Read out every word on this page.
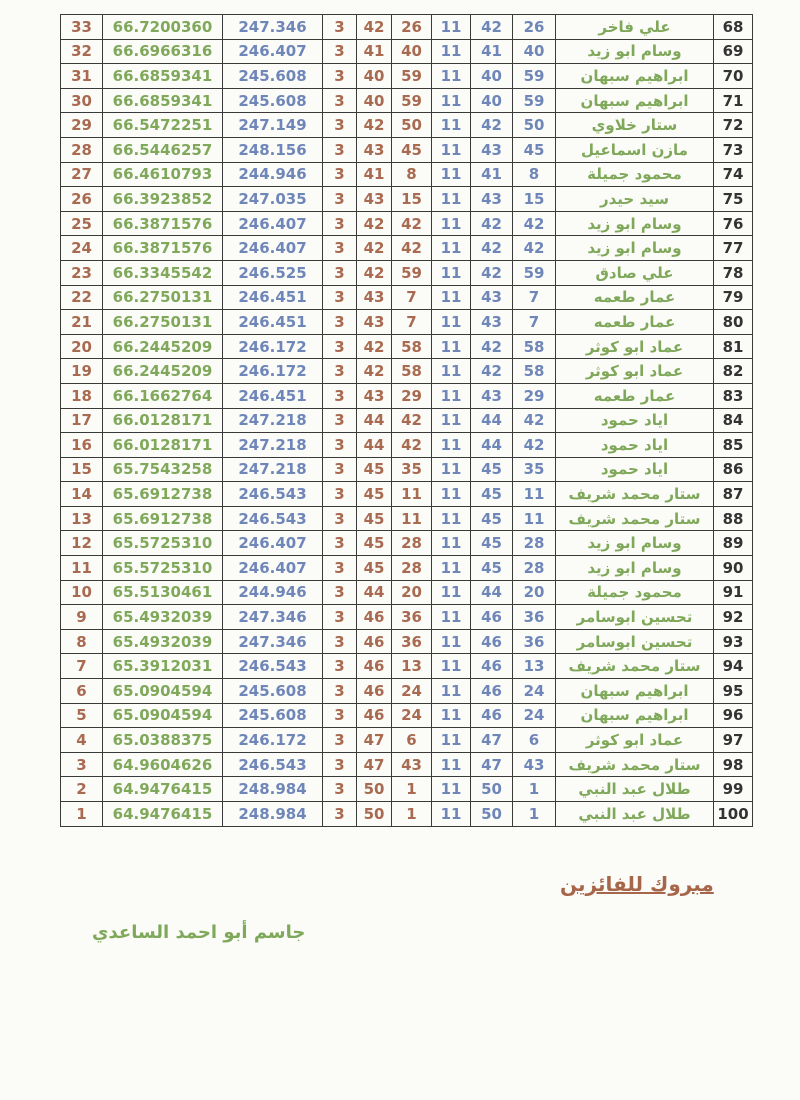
33	66.7200360	247.346	3	42	26	11	42	26	علي فاخر	68
32	66.6966316	246.407	3	41	40	11	41	40	وسام ابو زيد	69
31	66.6859341	245.608	3	40	59	11	40	59	ابراهيم سبهان	70
30	66.6859341	245.608	3	40	59	11	40	59	ابراهيم سبهان	71
29	66.5472251	247.149	3	42	50	11	42	50	ستار خلاوي	72
28	66.5446257	248.156	3	43	45	11	43	45	مازن اسماعيل	73
27	66.4610793	244.946	3	41	8	11	41	8	محمود جميلة	74
26	66.3923852	247.035	3	43	15	11	43	15	سيد حيدر	75
25	66.3871576	246.407	3	42	42	11	42	42	وسام ابو زيد	76
24	66.3871576	246.407	3	42	42	11	42	42	وسام ابو زيد	77
23	66.3345542	246.525	3	42	59	11	42	59	علي صادق	78
22	66.2750131	246.451	3	43	7	11	43	7	عمار طعمه	79
21	66.2750131	246.451	3	43	7	11	43	7	عمار طعمه	80
20	66.2445209	246.172	3	42	58	11	42	58	عماد ابو كوثر	81
19	66.2445209	246.172	3	42	58	11	42	58	عماد ابو كوثر	82
18	66.1662764	246.451	3	43	29	11	43	29	عمار طعمه	83
17	66.0128171	247.218	3	44	42	11	44	42	اياد حمود	84
16	66.0128171	247.218	3	44	42	11	44	42	اياد حمود	85
15	65.7543258	247.218	3	45	35	11	45	35	اياد حمود	86
14	65.6912738	246.543	3	45	11	11	45	11	ستار محمد شريف	87
13	65.6912738	246.543	3	45	11	11	45	11	ستار محمد شريف	88
12	65.5725310	246.407	3	45	28	11	45	28	وسام ابو زيد	89
11	65.5725310	246.407	3	45	28	11	45	28	وسام ابو زيد	90
10	65.5130461	244.946	3	44	20	11	44	20	محمود جميلة	91
9	65.4932039	247.346	3	46	36	11	46	36	تحسين ابوسامر	92
8	65.4932039	247.346	3	46	36	11	46	36	تحسين ابوسامر	93
7	65.3912031	246.543	3	46	13	11	46	13	ستار محمد شريف	94
6	65.0904594	245.608	3	46	24	11	46	24	ابراهيم سبهان	95
5	65.0904594	245.608	3	46	24	11	46	24	ابراهيم سبهان	96
4	65.0388375	246.172	3	47	6	11	47	6	عماد ابو كوثر	97
3	64.9604626	246.543	3	47	43	11	47	43	ستار محمد شريف	98
2	64.9476415	248.984	3	50	1	11	50	1	طلال عبد النبي	99
1	64.9476415	248.984	3	50	1	11	50	1	طلال عبد النبي	100
مبروك للفائزين
جاسم أبو احمد الساعدي
